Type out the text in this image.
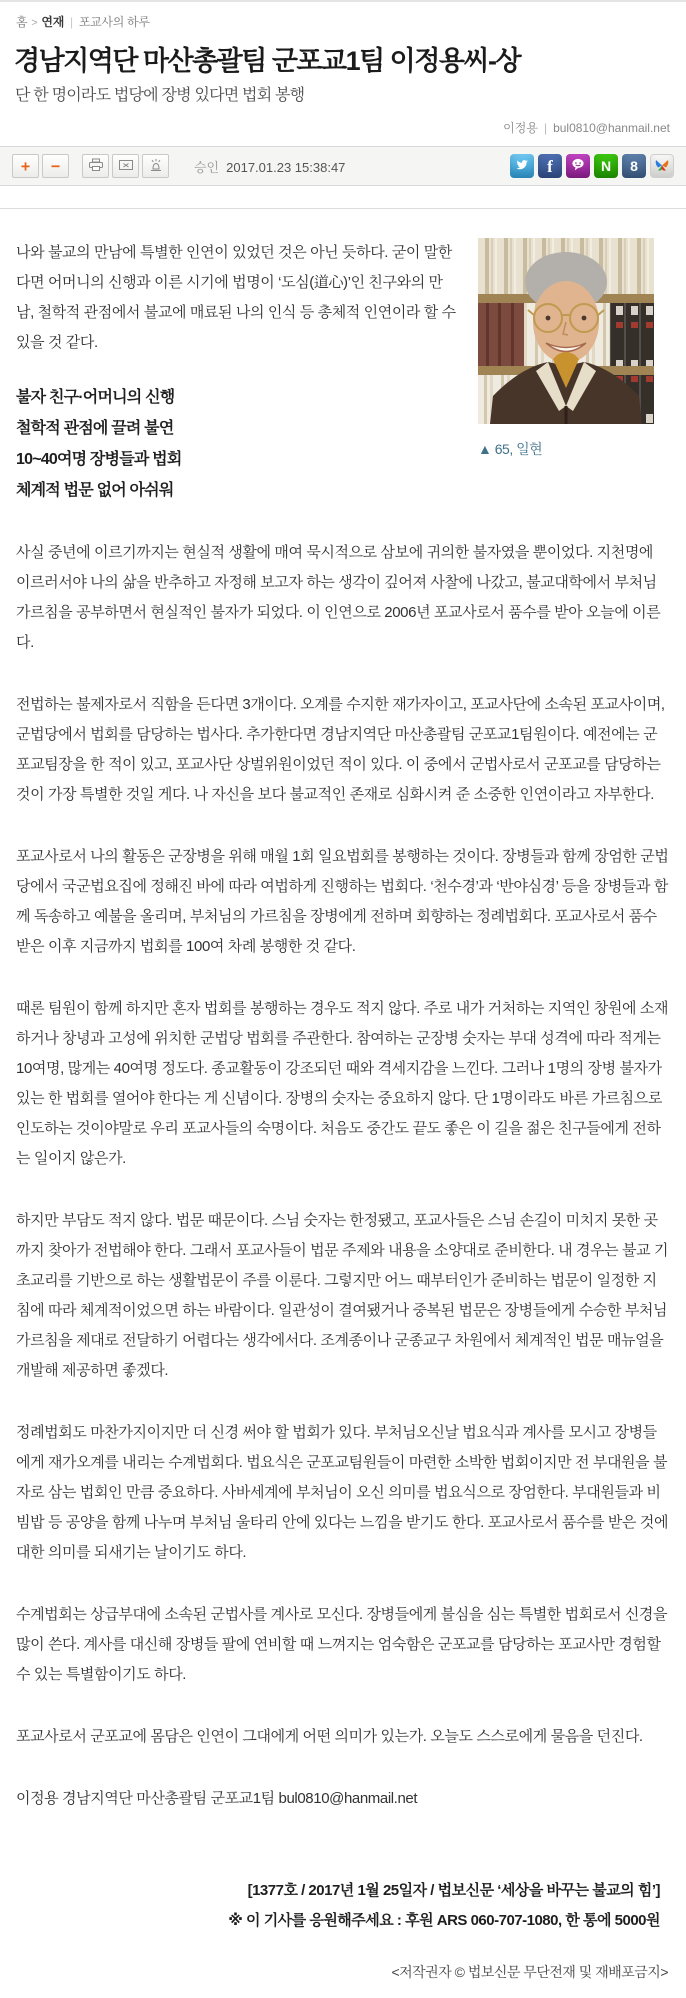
홈 > 연재 | 포교사의 하루
경남지역단 마산총괄팀 군포교1팀 이정용씨-상
단 한 명이라도 법당에 장병 있다면 법회 봉행
이정용 | bul0810@hanmail.net
+	−	승인 2017.01.23 15:38:47	f	N 8
▲ 65, 일현

나와 불교의 만남에 특별한 인연이 있었던 것은 아닌 듯하다. 굳이 말한다면 어머니의 신행과 이른 시기에 법명이 ‘도심(道心)’인 친구와의 만남, 철학적 관점에서 불교에 매료된 나의 인식 등 총체적 인연이라 할 수 있을 것 같다.

불자 친구·어머니의 신행
철학적 관점에 끌려 불연
10~40여명 장병들과 법회
체계적 법문 없어 아쉬워

사실 중년에 이르기까지는 현실적 생활에 매여 묵시적으로 삼보에 귀의한 불자였을 뿐이었다. 지천명에 이르러서야 나의 삶을 반추하고 자정해 보고자 하는 생각이 깊어져 사찰에 나갔고, 불교대학에서 부처님 가르침을 공부하면서 현실적인 불자가 되었다. 이 인연으로 2006년 포교사로서 품수를 받아 오늘에 이른다.

전법하는 불제자로서 직함을 든다면 3개이다. 오계를 수지한 재가자이고, 포교사단에 소속된 포교사이며, 군법당에서 법회를 담당하는 법사다. 추가한다면 경남지역단 마산총괄팀 군포교1팀원이다. 예전에는 군포교팀장을 한 적이 있고, 포교사단 상벌위원이었던 적이 있다. 이 중에서 군법사로서 군포교를 담당하는 것이 가장 특별한 것일 게다. 나 자신을 보다 불교적인 존재로 심화시켜 준 소중한 인연이라고 자부한다.

포교사로서 나의 활동은 군장병을 위해 매월 1회 일요법회를 봉행하는 것이다. 장병들과 함께 장엄한 군법당에서 국군법요집에 정해진 바에 따라 여법하게 진행하는 법회다. ‘천수경’과 ‘반야심경’ 등을 장병들과 함께 독송하고 예불을 올리며, 부처님의 가르침을 장병에게 전하며 회향하는 정례법회다. 포교사로서 품수 받은 이후 지금까지 법회를 100여 차례 봉행한 것 같다.

때론 팀원이 함께 하지만 혼자 법회를 봉행하는 경우도 적지 않다. 주로 내가 거처하는 지역인 창원에 소재하거나 창녕과 고성에 위치한 군법당 법회를 주관한다. 참여하는 군장병 숫자는 부대 성격에 따라 적게는 10여명, 많게는 40여명 정도다. 종교활동이 강조되던 때와 격세지감을 느낀다. 그러나 1명의 장병 불자가 있는 한 법회를 열어야 한다는 게 신념이다. 장병의 숫자는 중요하지 않다. 단 1명이라도 바른 가르침으로 인도하는 것이야말로 우리 포교사들의 숙명이다. 처음도 중간도 끝도 좋은 이 길을 젊은 친구들에게 전하는 일이지 않은가.

하지만 부담도 적지 않다. 법문 때문이다. 스님 숫자는 한정됐고, 포교사들은 스님 손길이 미치지 못한 곳까지 찾아가 전법해야 한다. 그래서 포교사들이 법문 주제와 내용을 소양대로 준비한다. 내 경우는 불교 기초교리를 기반으로 하는 생활법문이 주를 이룬다. 그렇지만 어느 때부터인가 준비하는 법문이 일정한 지침에 따라 체계적이었으면 하는 바람이다. 일관성이 결여됐거나 중복된 법문은 장병들에게 수승한 부처님 가르침을 제대로 전달하기 어렵다는 생각에서다. 조계종이나 군종교구 차원에서 체계적인 법문 매뉴얼을 개발해 제공하면 좋겠다.

정례법회도 마찬가지이지만 더 신경 써야 할 법회가 있다. 부처님오신날 법요식과 계사를 모시고 장병들에게 재가오계를 내리는 수계법회다. 법요식은 군포교팀원들이 마련한 소박한 법회이지만 전 부대원을 불자로 삼는 법회인 만큼 중요하다. 사바세계에 부처님이 오신 의미를 법요식으로 장엄한다. 부대원들과 비빔밥 등 공양을 함께 나누며 부처님 울타리 안에 있다는 느낌을 받기도 한다. 포교사로서 품수를 받은 것에 대한 의미를 되새기는 날이기도 하다.

수계법회는 상급부대에 소속된 군법사를 계사로 모신다. 장병들에게 불심을 심는 특별한 법회로서 신경을 많이 쓴다. 계사를 대신해 장병들 팔에 연비할 때 느껴지는 엄숙함은 군포교를 담당하는 포교사만 경험할 수 있는 특별함이기도 하다.

포교사로서 군포교에 몸담은 인연이 그대에게 어떤 의미가 있는가. 오늘도 스스로에게 물음을 던진다.

이정용 경남지역단 마산총괄팀 군포교1팀 bul0810@hanmail.net

[1377호 / 2017년 1월 25일자 / 법보신문 ‘세상을 바꾸는 불교의 힘’]
※ 이 기사를 응원해주세요 : 후원 ARS 060-707-1080, 한 통에 5000원
<저작권자 © 법보신문 무단전재 및 재배포금지>
